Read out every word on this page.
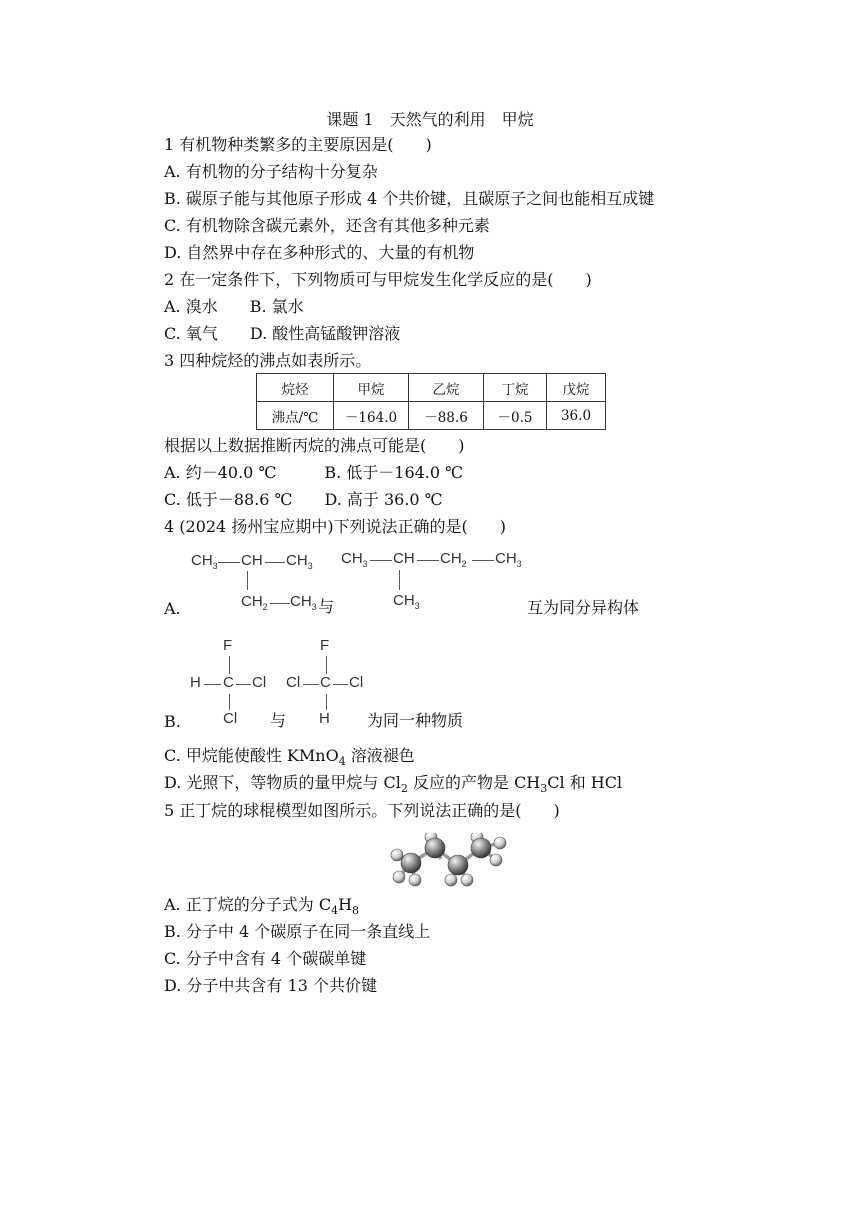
课题 1　天然气的利用　甲烷
1 有机物种类繁多的主要原因是(　　)
A. 有机物的分子结构十分复杂
B. 碳原子能与其他原子形成 4 个共价键，且碳原子之间也能相互成键
C. 有机物除含碳元素外，还含有其他多种元素
D. 自然界中存在多种形式的、大量的有机物
2 在一定条件下，下列物质可与甲烷发生化学反应的是(　　)
A. 溴水　　B. 氯水
C. 氧气　　D. 酸性高锰酸钾溶液
3 四种烷烃的沸点如表所示。
烷烃	甲烷	乙烷	丁烷	戊烷
沸点/℃	－164.0	－88.6	－0.5	36.0
根据以上数据推断丙烷的沸点可能是(　　)
A. 约－40.0 ℃　　　B. 低于－164.0 ℃
C. 低于－88.6 ℃　　D. 高于 36.0 ℃
4 (2024 扬州宝应期中)下列说法正确的是(　　)
$CH_3$ CH $CH_3$
$CH_2$ $CH_3$
A.	与
$CH_3$ CH $CH_2$ $CH_3$
$CH_3$	互为同分异构体
F
H C Cl
Cl
B.	与
F
Cl C Cl
H 为同一种物质
C. 甲烷能使酸性 KMnO$_4$ 溶液褪色
D. 光照下，等物质的量甲烷与 $Cl_2$ 反应的产物是 $CH_3Cl$ 和 HCl
5 正丁烷的球棍模型如图所示。下列说法正确的是(　　)
A. 正丁烷的分子式为 $C_4H_8$
B. 分子中 4 个碳原子在同一条直线上
C. 分子中含有 4 个碳碳单键
D. 分子中共含有 13 个共价键
